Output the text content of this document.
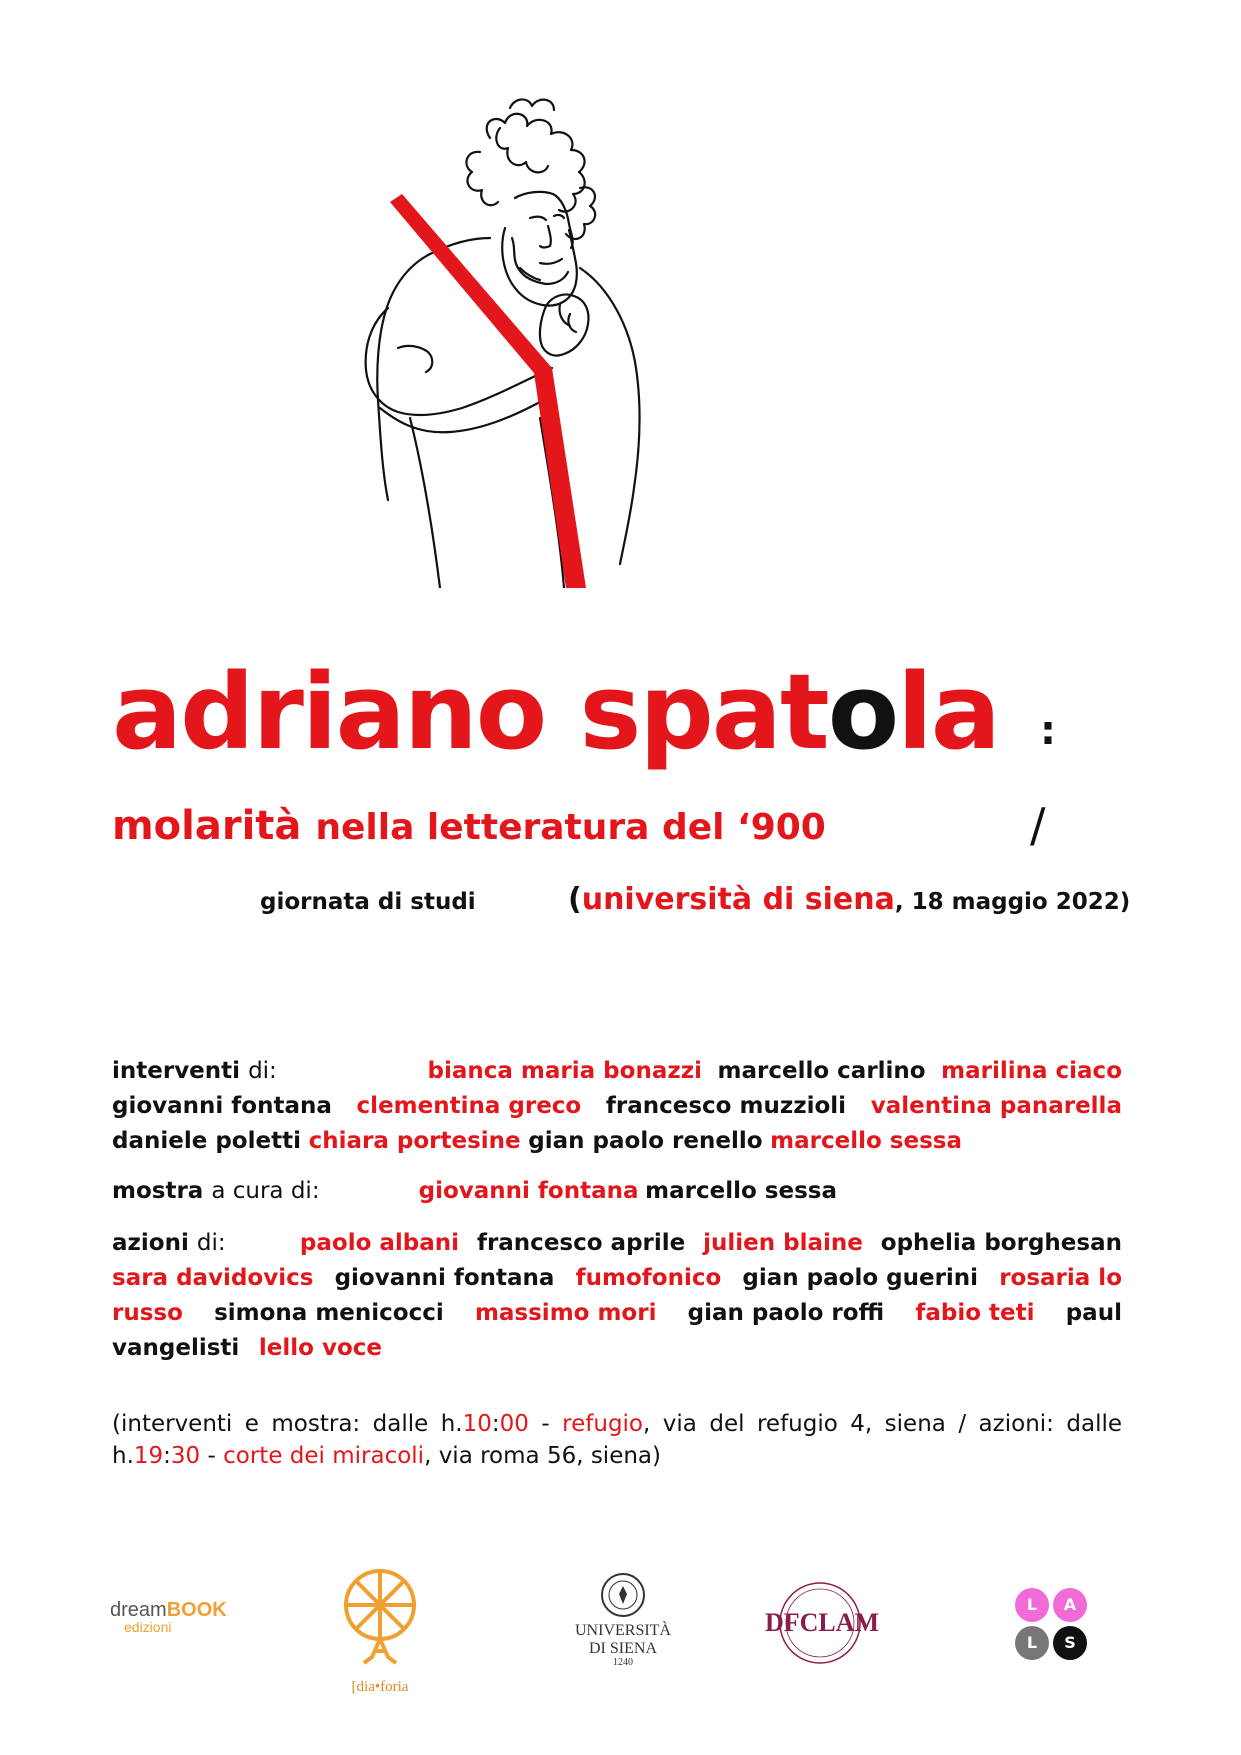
adriano spatola :
molarità nella letteratura del ‘900	/
giornata di studi	(università di siena, 18 maggio 2022)
interventi di:	bianca maria bonazzi marcello carlino marilina ciaco
giovanni fontana clementina greco francesco muzzioli valentina panarella
daniele poletti chiara portesine gian paolo renello marcello sessa
mostra a cura di:	giovanni fontana marcello sessa
azioni di:	paolo albani francesco aprile julien blaine ophelia borghesan
sara davidovics giovanni fontana fumofonico gian paolo guerini rosaria lo
russo simona menicocci massimo mori gian paolo roffi fabio teti paul
vangelisti lello voce
(interventi e mostra: dalle h.10:00 - refugio, via del refugio 4, siena / azioni: dalle h.19:30 - corte dei miracoli, via roma 56, siena)
dreamBOOK
edizioni
[dia•foria
UNIVERSITÀ
DI SIENA
1240
DFCLAM
L	A
L	S
